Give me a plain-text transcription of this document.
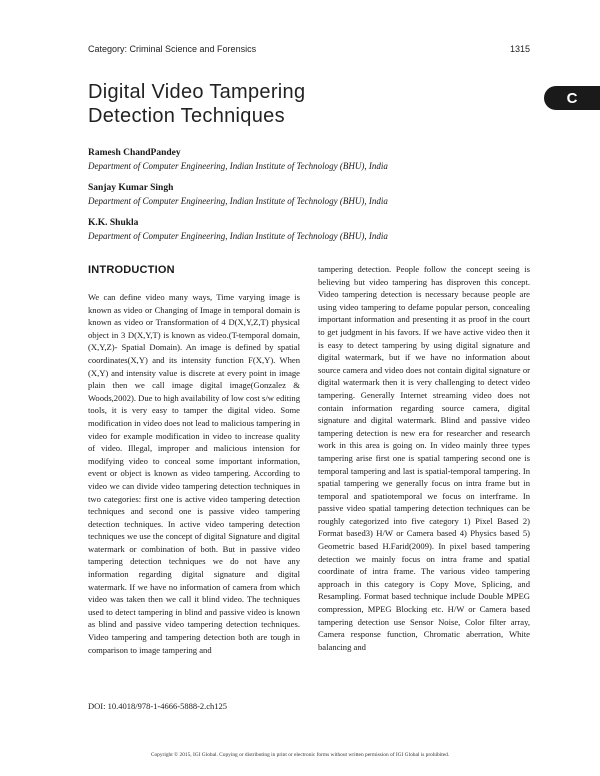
Category: Criminal Science and Forensics	1315
C
Digital Video Tampering
Detection Techniques
Ramesh ChandPandey
Department of Computer Engineering, Indian Institute of Technology (BHU), India
Sanjay Kumar Singh
Department of Computer Engineering, Indian Institute of Technology (BHU), India
K.K. Shukla
Department of Computer Engineering, Indian Institute of Technology (BHU), India
INTRODUCTION

We can define video many ways, Time varying image is known as video or Changing of Image in temporal domain is known as video or Transformation of 4 D(X,Y,Z,T) physical object in 3 D(X,Y,T) is known as video.(T-temporal domain, (X,Y,Z)- Spatial Domain). An image is defined by spatial coordinates(X,Y) and its intensity function F(X,Y). When (X,Y) and intensity value is discrete at every point in image plain then we call image digital image(Gonzalez & Woods,2002). Due to high availability of low cost s/w editing tools, it is very easy to tamper the digital video. Some modification in video does not lead to malicious tampering in video for example modification in video to increase quality of video. Illegal, improper and malicious intension for modifying video to conceal some important information, event or object is known as video tampering. According to video we can divide video tampering detection techniques in two categories: first one is active video tampering detection techniques and second one is passive video tampering detection techniques. In active video tampering detection techniques we use the concept of digital Signature and digital watermark or combination of both. But in passive video tampering detection techniques we do not have any information regarding digital signature and digital watermark. If we have no information of camera from which video was taken then we call it blind video. The techniques used to detect tampering in blind and passive video is known as blind and passive video tampering detection techniques. Video tampering and tampering detection both are tough in comparison to image tampering and

tampering detection. People follow the concept seeing is believing but video tampering has disproven this concept. Video tampering detection is necessary because people are using video tampering to defame popular person, concealing important information and presenting it as proof in the court to get judgment in his favors. If we have active video then it is easy to detect tampering by using digital signature and digital watermark, but if we have no information about source camera and video does not contain digital signature or digital watermark then it is very challenging to detect video tampering. Generally Internet streaming video does not contain information regarding source camera, digital signature and digital watermark. Blind and passive video tampering detection is new era for researcher and research work in this area is going on. In video mainly three types tampering arise first one is spatial tampering second one is temporal tampering and last is spatial-temporal tampering. In spatial tampering we generally focus on intra frame but in temporal and spatiotemporal we focus on interframe. In passive video spatial tampering detection techniques can be roughly categorized into five category 1) Pixel Based 2) Format based3) H/W or Camera based 4) Physics based 5) Geometric based H.Farid(2009). In pixel based tampering detection we mainly focus on intra frame and spatial coordinate of intra frame. The various video tampering approach in this category is Copy Move, Splicing, and Resampling. Format based technique include Double MPEG compression, MPEG Blocking etc. H/W or Camera based tampering detection use Sensor Noise, Color filter array, Camera response function, Chromatic aberration, White balancing and

DOI: 10.4018/978-1-4666-5888-2.ch125
Copyright © 2015, IGI Global. Copying or distributing in print or electronic forms without written permission of IGI Global is prohibited.
